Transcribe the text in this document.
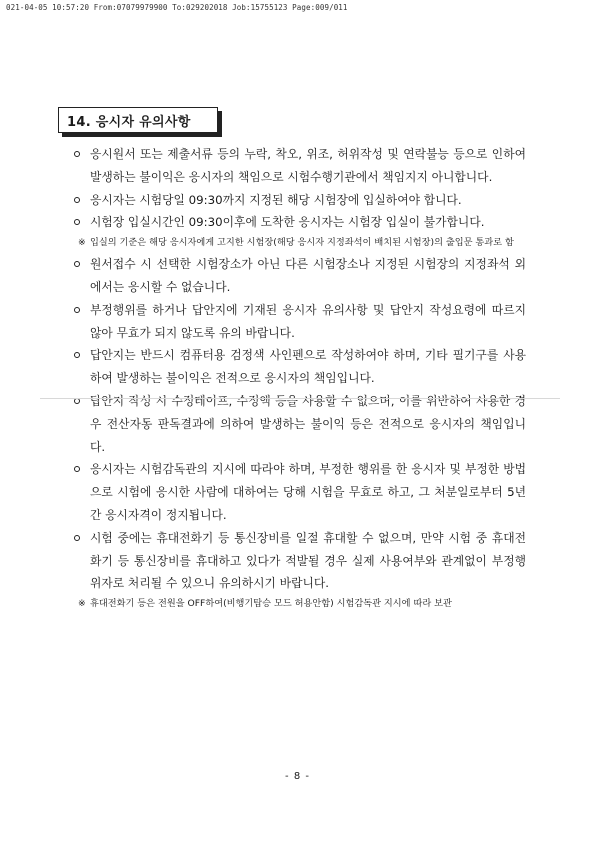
021-04-05 10:57:20 From:07079979900 To:029202018 Job:15755123 Page:009/011
14. 응시자 유의사항
응시원서 또는 제출서류 등의 누락, 착오, 위조, 허위작성 및 연락불능 등으로 인하여 발생하는 불이익은 응시자의 책임으로 시험수행기관에서 책임지지 아니합니다.
응시자는 시험당일 09:30까지 지정된 해당 시험장에 입실하여야 합니다.
시험장 입실시간인 09:30이후에 도착한 응시자는 시험장 입실이 불가합니다.
※ 입실의 기준은 해당 응시자에게 고지한 시험장(해당 응시자 지정좌석이 배치된 시험장)의 출입문 통과로 함
원서접수 시 선택한 시험장소가 아닌 다른 시험장소나 지정된 시험장의 지정좌석 외에서는 응시할 수 없습니다.
부정행위를 하거나 답안지에 기재된 응시자 유의사항 및 답안지 작성요령에 따르지 않아 무효가 되지 않도록 유의 바랍니다.
답안지는 반드시 컴퓨터용 검정색 사인펜으로 작성하여야 하며, 기타 필기구를 사용하여 발생하는 불이익은 전적으로 응시자의 책임입니다.
답안지 작성 시 수정테이프, 수정액 등을 사용할 수 없으며, 이를 위반하여 사용한 경우 전산자동 판독결과에 의하여 발생하는 불이익 등은 전적으로 응시자의 책임입니다.
응시자는 시험감독관의 지시에 따라야 하며, 부정한 행위를 한 응시자 및 부정한 방법으로 시험에 응시한 사람에 대하여는 당해 시험을 무효로 하고, 그 처분일로부터 5년간 응시자격이 정지됩니다.
시험 중에는 휴대전화기 등 통신장비를 일절 휴대할 수 없으며, 만약 시험 중 휴대전화기 등 통신장비를 휴대하고 있다가 적발될 경우 실제 사용여부와 관계없이 부정행위자로 처리될 수 있으니 유의하시기 바랍니다.
※ 휴대전화기 등은 전원을 OFF하여(비행기탑승 모드 허용안함) 시험감독관 지시에 따라 보관
- 8 -
